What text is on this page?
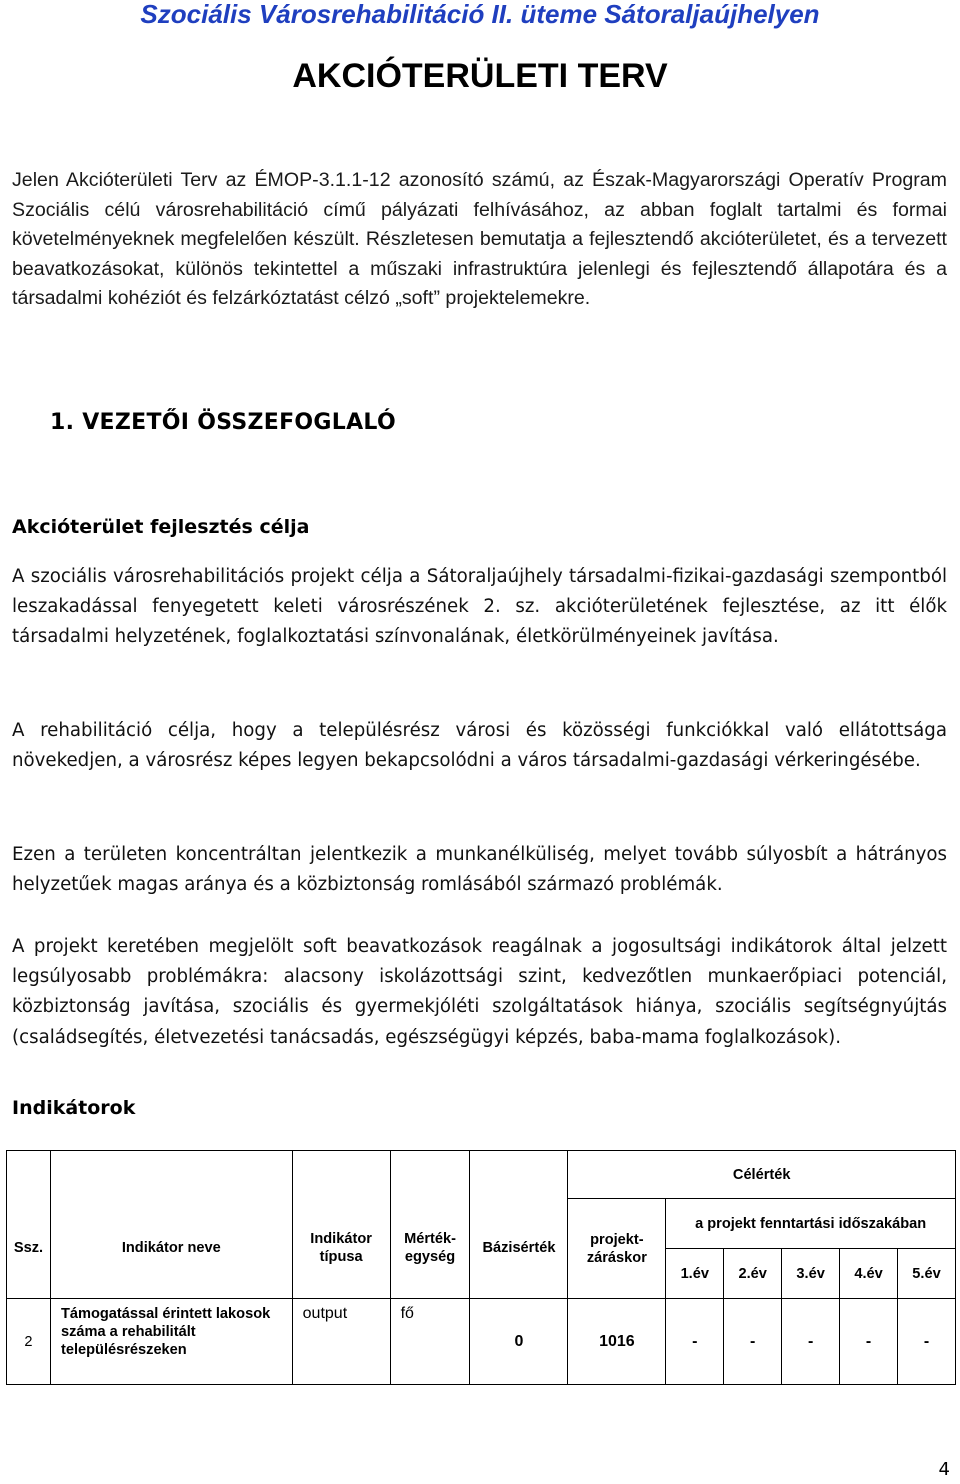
Szociális Városrehabilitáció II. üteme Sátoraljaújhelyen
AKCIÓTERÜLETI TERV

Jelen Akcióterületi Terv az ÉMOP-3.1.1-12 azonosító számú, az Észak-Magyarországi Operatív Program Szociális célú városrehabilitáció című pályázati felhívásához, az abban foglalt tartalmi és formai követelményeknek megfelelően készült. Részletesen bemutatja a fejlesztendő akcióterületet, és a tervezett beavatkozásokat, különös tekintettel a műszaki infrastruktúra jelenlegi és fejlesztendő állapotára és a társadalmi kohéziót és felzárkóztatást célzó „soft” projektelemekre.

1. VEZETŐI ÖSSZEFOGLALÓ
Akcióterület fejlesztés célja

A szociális városrehabilitációs projekt célja a Sátoraljaújhely társadalmi-fizikai-gazdasági szempontból leszakadással fenyegetett keleti városrészének 2. sz. akcióterületének fejlesztése, az itt élők társadalmi helyzetének, foglalkoztatási színvonalának, életkörülményeinek javítása.

A rehabilitáció célja, hogy a településrész városi és közösségi funkciókkal való ellátottsága növekedjen, a városrész képes legyen bekapcsolódni a város társadalmi-gazdasági vérkeringésébe.

Ezen a területen koncentráltan jelentkezik a munkanélküliség, melyet tovább súlyosbít a hátrányos helyzetűek magas aránya és a közbiztonság romlásából származó problémák.

A projekt keretében megjelölt soft beavatkozások reagálnak a jogosultsági indikátorok által jelzett legsúlyosabb problémákra: alacsony iskolázottsági szint, kedvezőtlen munkaerőpiaci potenciál, közbiztonság javítása, szociális és gyermekjóléti szolgáltatások hiánya, szociális segítségnyújtás (családsegítés, életvezetési tanácsadás, egészségügyi képzés, baba-mama foglalkozások).

Indikátorok
					Célérték					
Ssz.	Indikátor neve	Indikátor típusa	Mérték-egység	Bázisérték	projekt-záráskor	a projekt fenntartási időszakában				
						1.év	2.év	3.év	4.év	5.év
2	Támogatással érintett lakosok száma a rehabilitált településrészeken	output	fő	0	1016	-	-	-	-	-
4
